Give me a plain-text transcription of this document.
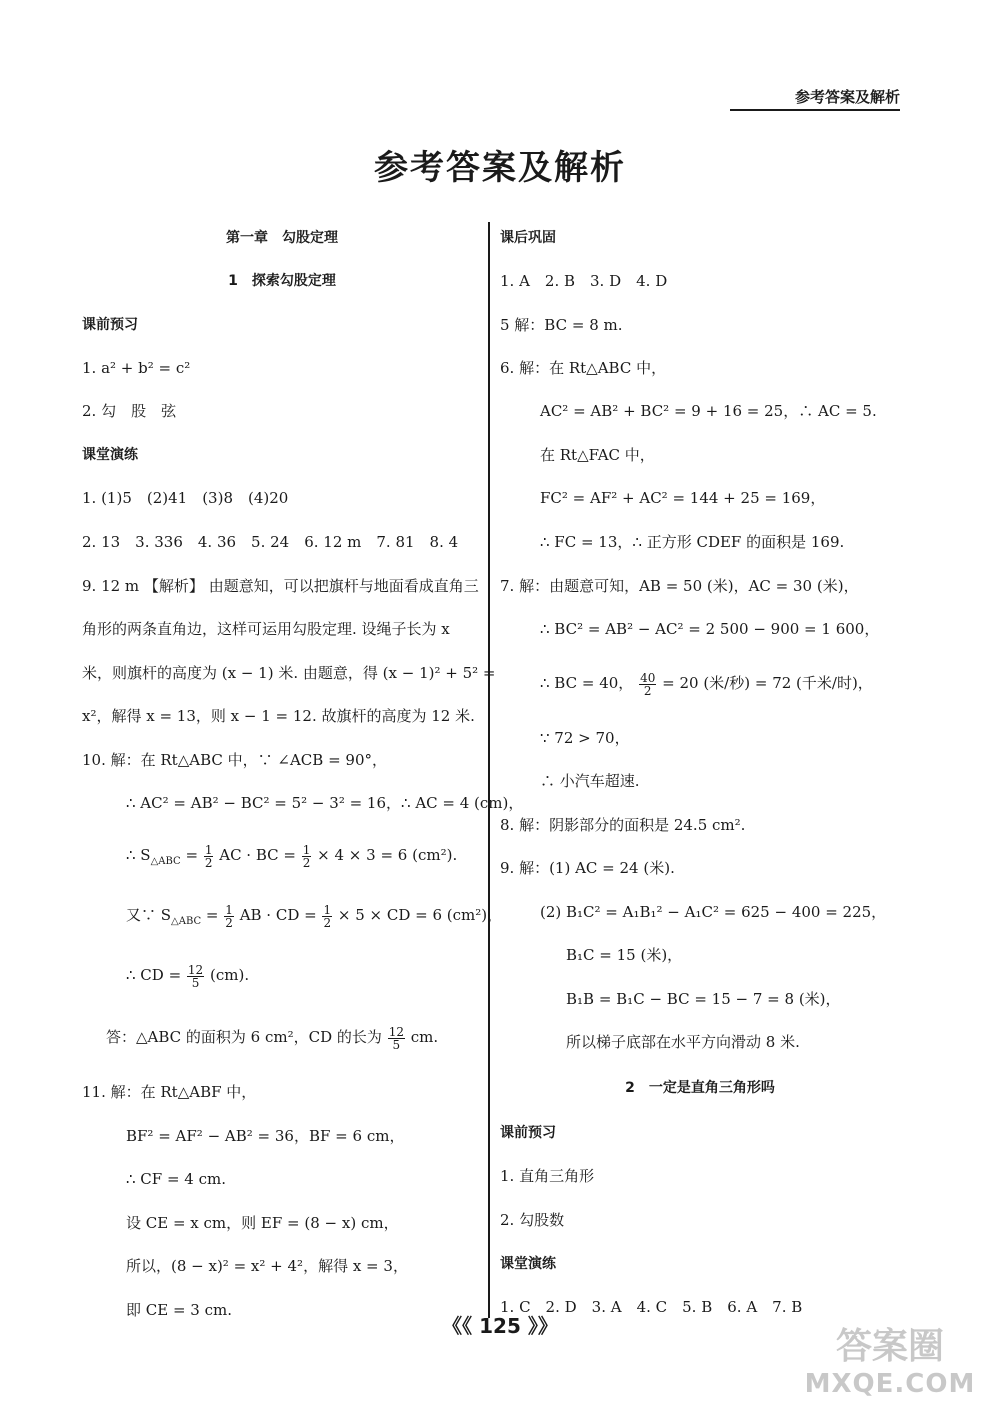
参考答案及解析
参考答案及解析
第一章　勾股定理
1　探索勾股定理
课前预习
1. a² + b² = c²
2. 勾　股　弦
课堂演练
1. (1)5　(2)41　(3)8　(4)20
2. 13　3. 336　4. 36　5. 24　6. 12 m　7. 81　8. 4
9. 12 m 【解析】 由题意知，可以把旗杆与地面看成直角三
角形的两条直角边，这样可运用勾股定理. 设绳子长为 x
米，则旗杆的高度为 (x − 1) 米. 由题意，得 (x − 1)² + 5² =
x²，解得 x = 13，则 x − 1 = 12. 故旗杆的高度为 12 米.
10. 解：在 Rt△ABC 中，∵ ∠ACB = 90°，
∴ AC² = AB² − BC² = 5² − 3² = 16，∴ AC = 4 (cm)，
∴ $S_{\triangle ABC} = \frac{1}{2}$ AC · BC = $\frac{1}{2} \times 4 \times 3 = 6$ (cm²).
又∵ $S_{\triangle ABC} = \frac{1}{2}$ AB · CD = $\frac{1}{2} \times 5$ × CD = 6 (cm²)，
∴ CD = $\frac{12}{5} (cm)$.
答：△ABC 的面积为 6 cm²，CD 的长为 $\frac{12}{5}$ cm.
11. 解：在 Rt△ABF 中，
BF² = AF² − AB² = 36，BF = 6 cm，
∴ CF = 4 cm.
设 CE = x cm，则 EF = (8 − x) cm，
所以，(8 − x)² = x² + 4²，解得 x = 3，
即 CE = 3 cm.
课后巩固
1. A　2. B　3. D　4. D
5 解：BC = 8 m.
6. 解：在 Rt△ABC 中，
AC² = AB² + BC² = 9 + 16 = 25，∴ AC = 5.
在 Rt△FAC 中，
FC² = AF² + AC² = 144 + 25 = 169，
∴ FC = 13，∴ 正方形 CDEF 的面积是 169.
7. 解：由题意可知，AB = 50 (米)，AC = 30 (米)，
∴ BC² = AB² − AC² = 2 500 − 900 = 1 600，
∴ BC = 40， $\frac{40}{2} = 20$ (米/秒) = 72 (千米/时)，
∵ 72 > 70，
∴ 小汽车超速.
8. 解：阴影部分的面积是 24.5 cm².
9. 解：(1) AC = 24 (米).
(2) B₁C² = A₁B₁² − A₁C² = 625 − 400 = 225，
B₁C = 15 (米)，
B₁B = B₁C − BC = 15 − 7 = 8 (米)，
所以梯子底部在水平方向滑动 8 米.
2　一定是直角三角形吗
课前预习
1. 直角三角形
2. 勾股数
课堂演练
1. C　2. D　3. A　4. C　5. B　6. A　7. B
《《 125 》》	答案圈
MXQE.COM
